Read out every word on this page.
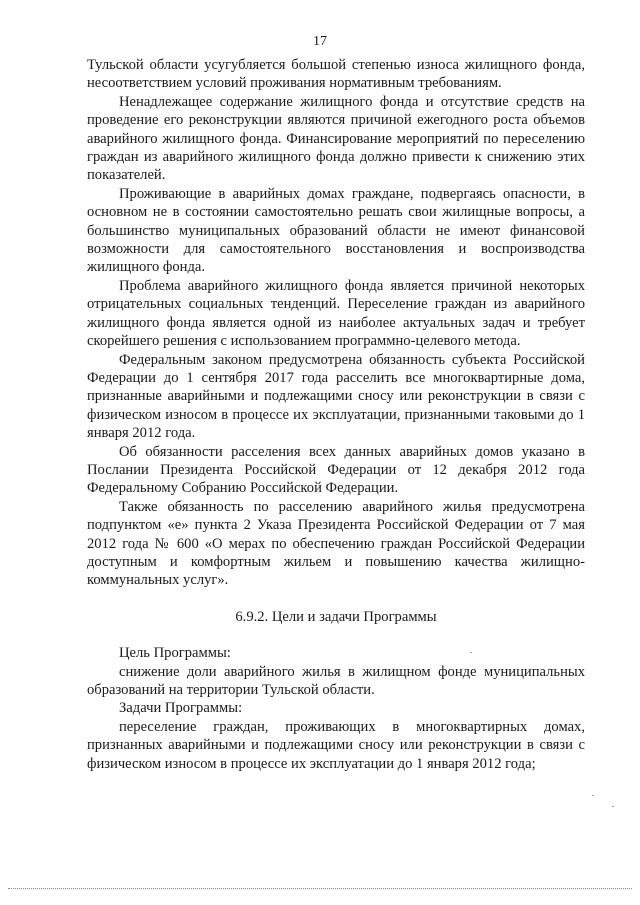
17

Тульской области усугубляется большой степенью износа жилищного фонда, несоответствием условий проживания нормативным требованиям.

Ненадлежащее содержание жилищного фонда и отсутствие средств на проведение его реконструкции являются причиной ежегодного роста объемов аварийного жилищного фонда. Финансирование мероприятий по переселению граждан из аварийного жилищного фонда должно привести к снижению этих показателей.

Проживающие в аварийных домах граждане, подвергаясь опасности, в основном не в состоянии самостоятельно решать свои жилищные вопросы, а большинство муниципальных образований области не имеют финансовой возможности для самостоятельного восстановления и воспроизводства жилищного фонда.

Проблема аварийного жилищного фонда является причиной некоторых отрицательных социальных тенденций. Переселение граждан из аварийного жилищного фонда является одной из наиболее актуальных задач и требует скорейшего решения с использованием программно-целевого метода.

Федеральным законом предусмотрена обязанность субъекта Российской Федерации до 1 сентября 2017 года расселить все многоквартирные дома, признанные аварийными и подлежащими сносу или реконструкции в связи с физическом износом в процессе их эксплуатации, признанными таковыми до 1 января 2012 года.

Об обязанности расселения всех данных аварийных домов указано в Послании Президента Российской Федерации от 12 декабря 2012 года Федеральному Собранию Российской Федерации.

Также обязанность по расселению аварийного жилья предусмотрена подпунктом «е» пункта 2 Указа Президента Российской Федерации от 7 мая 2012 года № 600 «О мерах по обеспечению граждан Российской Федерации доступным и комфортным жильем и повышению качества жилищно-коммунальных услуг».

6.9.2. Цели и задачи Программы

Цель Программы:

снижение доли аварийного жилья в жилищном фонде муниципальных образований на территории Тульской области.

Задачи Программы:

переселение граждан, проживающих в многоквартирных домах, признанных аварийными и подлежащими сносу или реконструкции в связи с физическом износом в процессе их эксплуатации до 1 января 2012 года;
